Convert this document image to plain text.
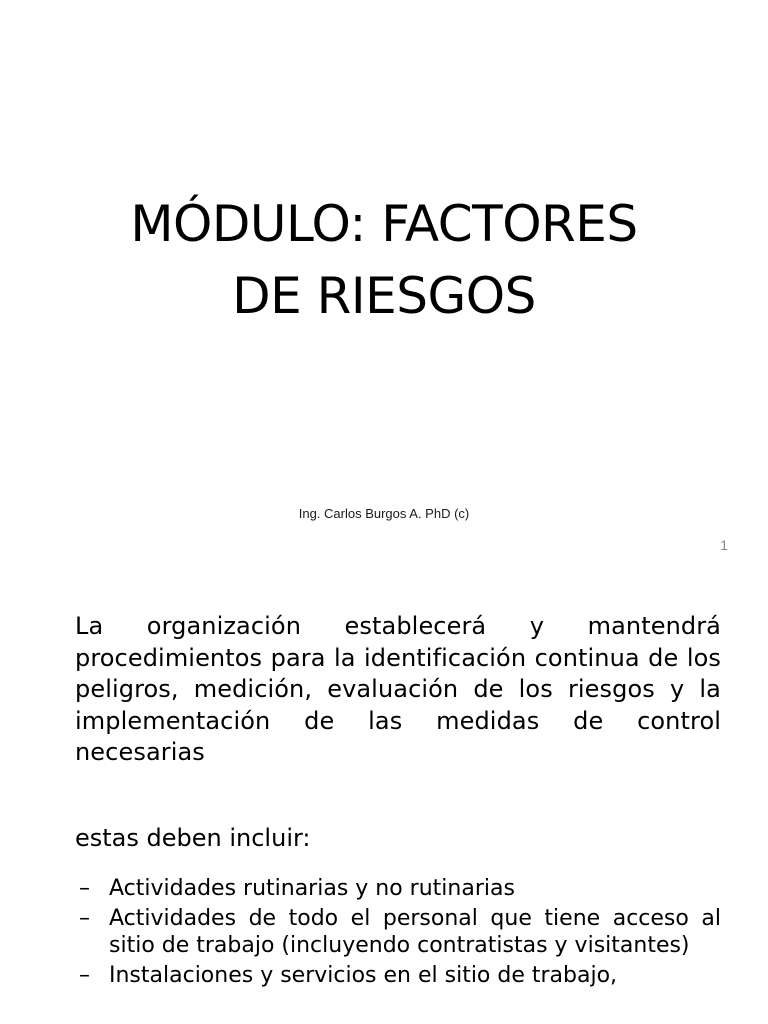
MÓDULO: FACTORES
DE RIESGOS
Ing. Carlos Burgos A. PhD (c)
1

La organización establecerá y mantendrá procedimientos para la identificación continua de los peligros, medición, evaluación de los riesgos y la implementación de las medidas de control necesarias

estas deben incluir:

– Actividades rutinarias y no rutinarias
– Actividades de todo el personal que tiene acceso al sitio de trabajo (incluyendo contratistas y visitantes)
– Instalaciones y servicios en el sitio de trabajo,
